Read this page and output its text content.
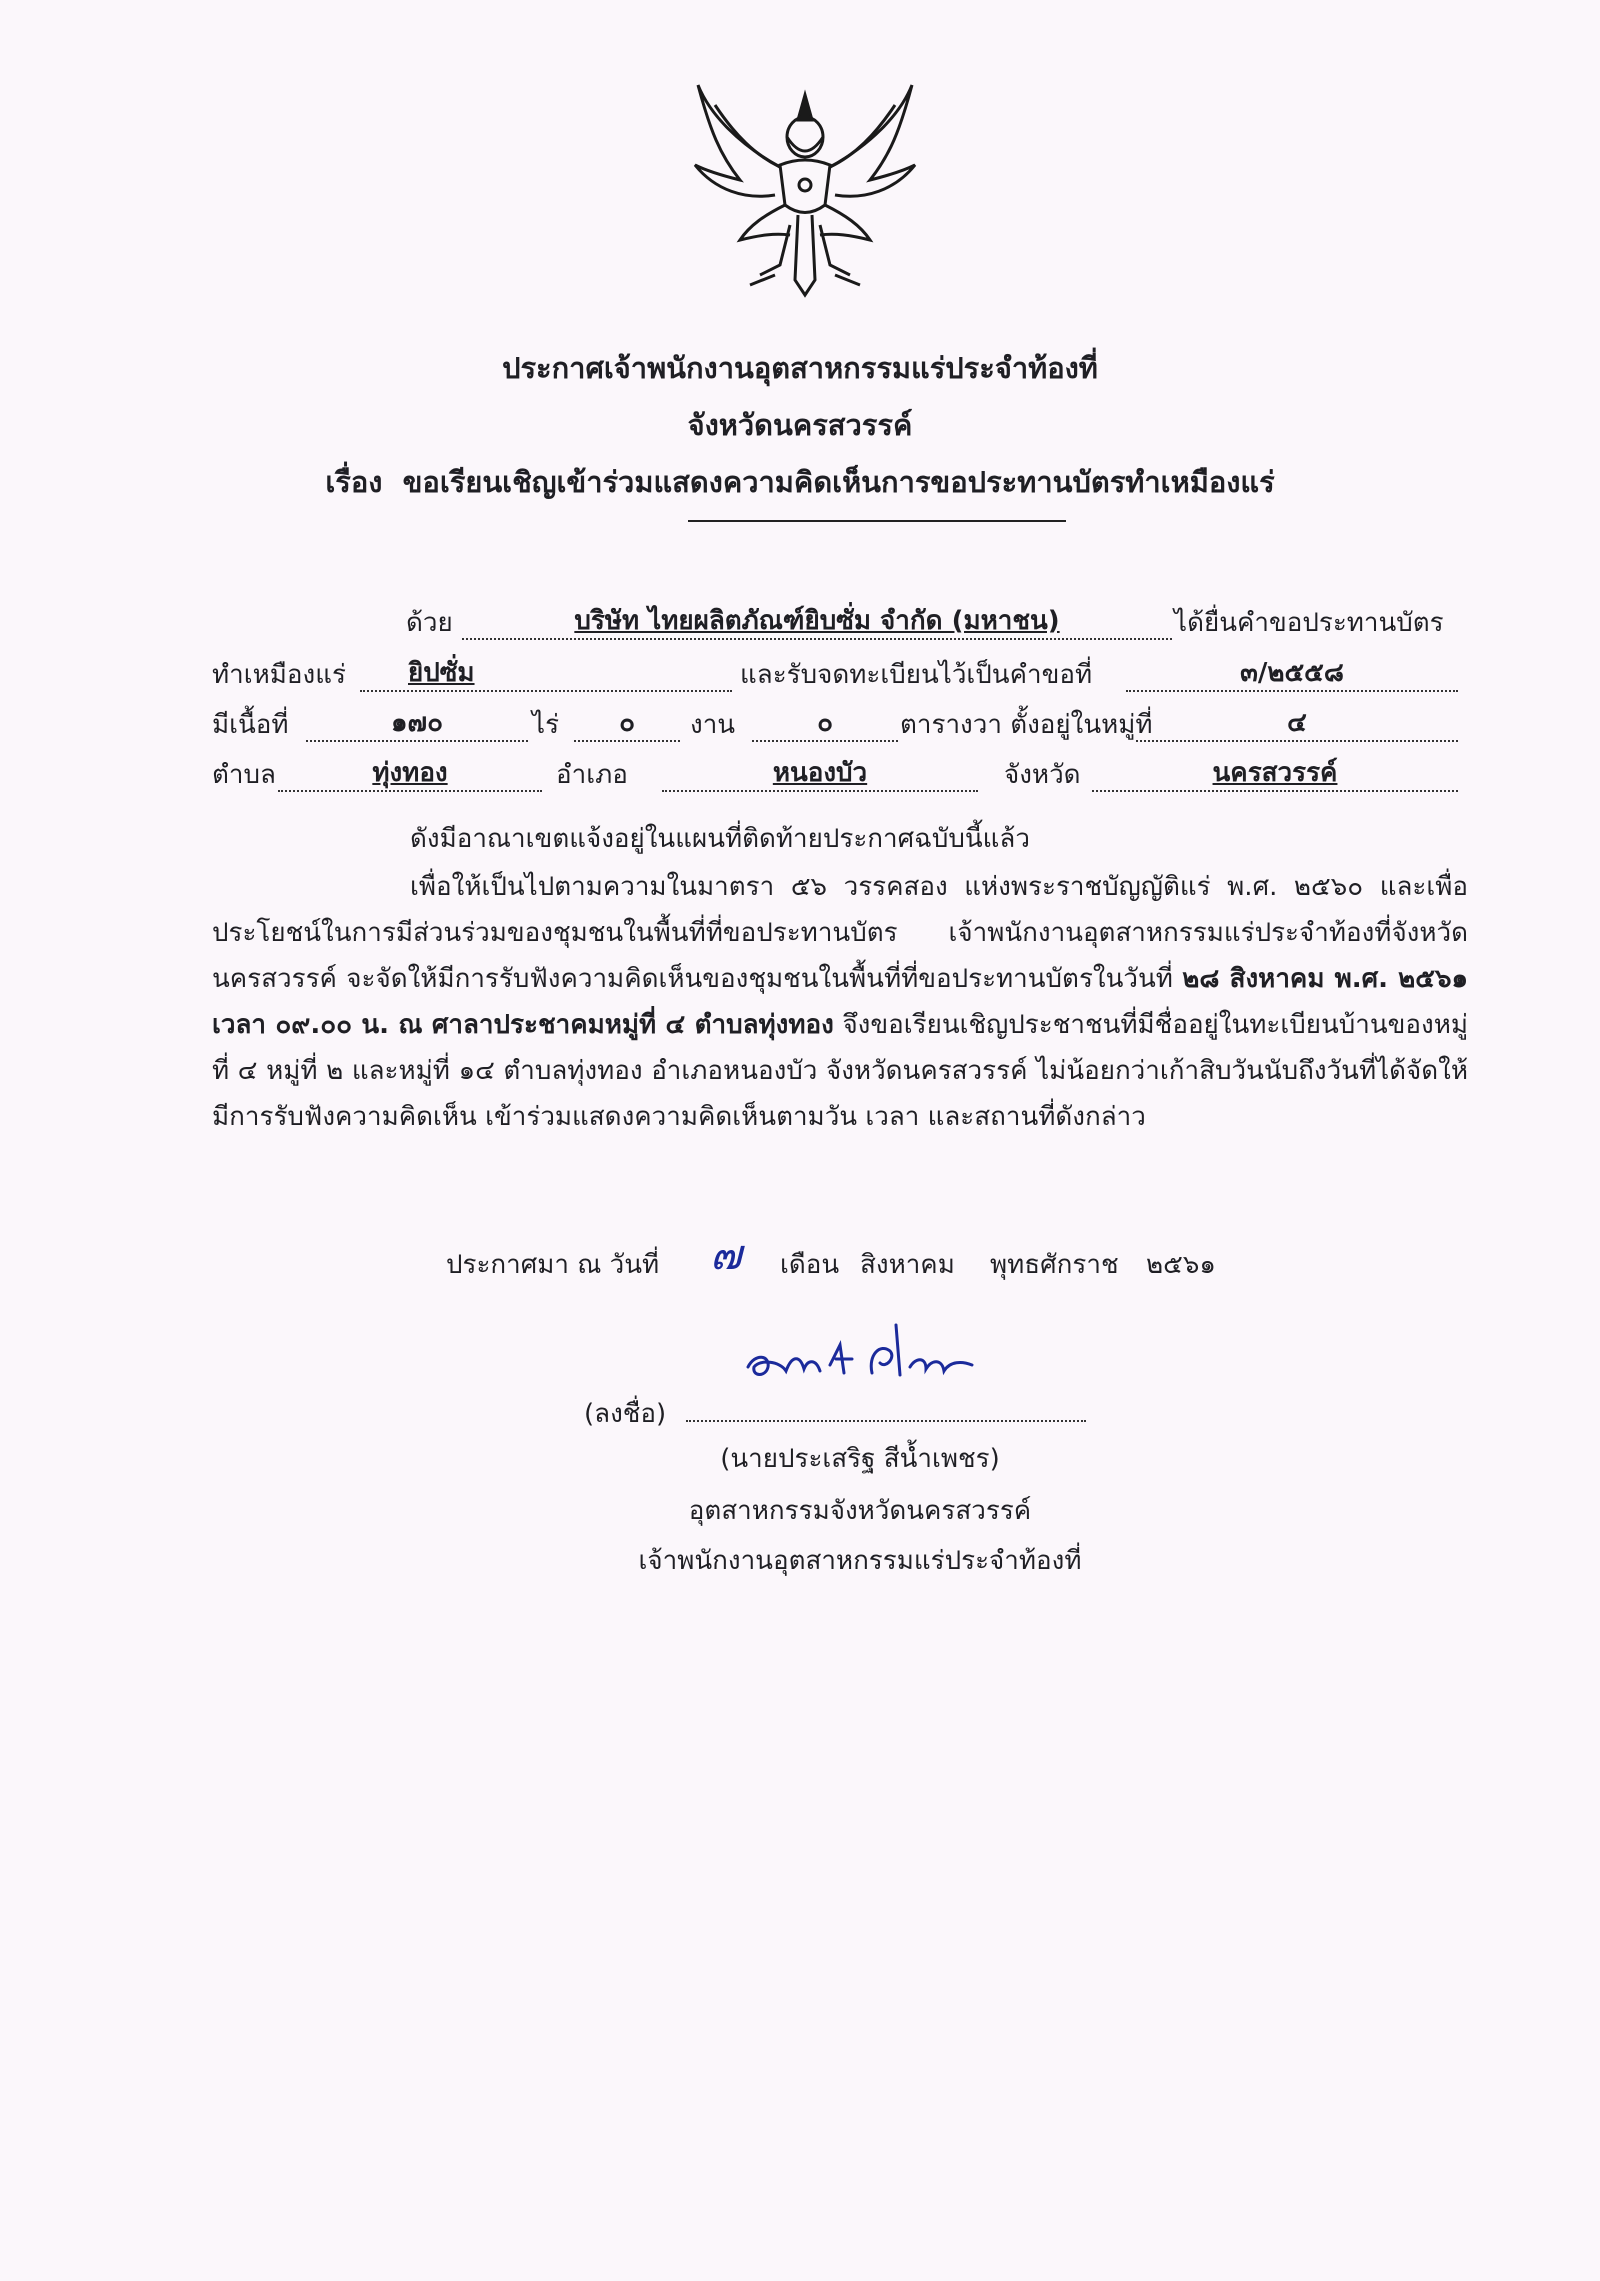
ประกาศเจ้าพนักงานอุตสาหกรรมแร่ประจำท้องที่
จังหวัดนครสวรรค์
เรื่อง ขอเรียนเชิญเข้าร่วมแสดงความคิดเห็นการขอประทานบัตรทำเหมืองแร่
ด้วย	บริษัท ไทยผลิตภัณฑ์ยิบซั่ม จำกัด (มหาชน)	ได้ยื่นคำขอประทานบัตร
ทำเหมืองแร่	ยิปซั่ม	และรับจดทะเบียนไว้เป็นคำขอที่	๓/๒๕๕๘
มีเนื้อที่	๑๗๐	ไร่	๐	งาน	๐	ตารางวา ตั้งอยู่ในหมู่ที่	๔
ตำบล	ทุ่งทอง	อำเภอ	หนองบัว	จังหวัด	นครสวรรค์
ดังมีอาณาเขตแจ้งอยู่ในแผนที่ติดท้ายประกาศฉบับนี้แล้ว
เพื่อให้เป็นไปตามความในมาตรา ๕๖ วรรคสอง แห่งพระราชบัญญัติแร่ พ.ศ. ๒๕๖๐ และเพื่อประโยชน์ในการมีส่วนร่วมของชุมชนในพื้นที่ที่ขอประทานบัตร เจ้าพนักงานอุตสาหกรรมแร่ประจำท้องที่จังหวัดนครสวรรค์ จะจัดให้มีการรับฟังความคิดเห็นของชุมชนในพื้นที่ที่ขอประทานบัตรในวันที่ ๒๘ สิงหาคม พ.ศ. ๒๕๖๑ เวลา ๐๙.๐๐ น. ณ ศาลาประชาคมหมู่ที่ ๔ ตำบลทุ่งทอง จึงขอเรียนเชิญประชาชนที่มีชื่ออยู่ในทะเบียนบ้านของหมู่ที่ ๔ หมู่ที่ ๒ และหมู่ที่ ๑๔ ตำบลทุ่งทอง อำเภอหนองบัว จังหวัดนครสวรรค์ ไม่น้อยกว่าเก้าสิบวันนับถึงวันที่ได้จัดให้มีการรับฟังความคิดเห็น เข้าร่วมแสดงความคิดเห็นตามวัน เวลา และสถานที่ดังกล่าว
ประกาศมา ณ วันที่ ๗ เดือน สิงหาคม พุทธศักราช ๒๕๖๑
(ลงชื่อ)
(นายประเสริฐ สีน้ำเพชร)
อุตสาหกรรมจังหวัดนครสวรรค์
เจ้าพนักงานอุตสาหกรรมแร่ประจำท้องที่
